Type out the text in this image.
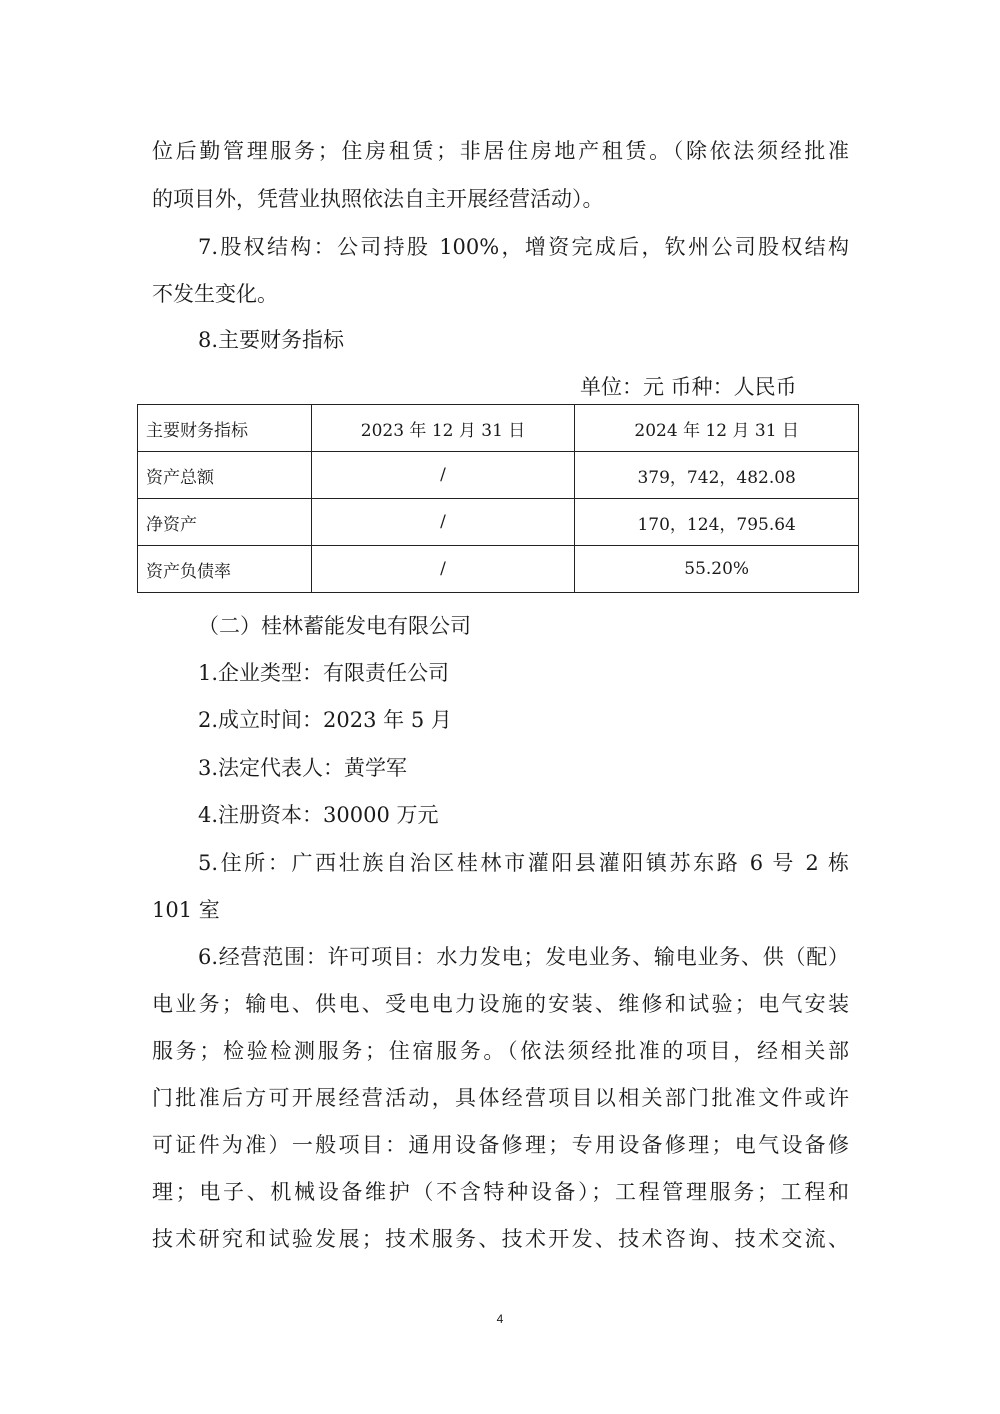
位后勤管理服务；住房租赁；非居住房地产租赁。（除依法须经批准
的项目外，凭营业执照依法自主开展经营活动）。
7.股权结构：公司持股 100%，增资完成后，钦州公司股权结构
不发生变化。
8.主要财务指标
单位：元 币种：人民币
主要财务指标	2023 年 12 月 31 日	2024 年 12 月 31 日
资产总额	/	379，742，482.08
净资产	/	170，124，795.64
资产负债率	/	55.20%
（二）桂林蓄能发电有限公司
1.企业类型：有限责任公司
2.成立时间：2023 年 5 月
3.法定代表人：黄学军
4.注册资本：30000 万元
5.住所：广西壮族自治区桂林市灌阳县灌阳镇苏东路 6 号 2 栋
101 室
6.经营范围：许可项目：水力发电；发电业务、输电业务、供（配）
电业务；输电、供电、受电电力设施的安装、维修和试验；电气安装
服务；检验检测服务；住宿服务。（依法须经批准的项目，经相关部
门批准后方可开展经营活动，具体经营项目以相关部门批准文件或许
可证件为准）一般项目：通用设备修理；专用设备修理；电气设备修
理；电子、机械设备维护（不含特种设备）；工程管理服务；工程和
技术研究和试验发展；技术服务、技术开发、技术咨询、技术交流、
4
